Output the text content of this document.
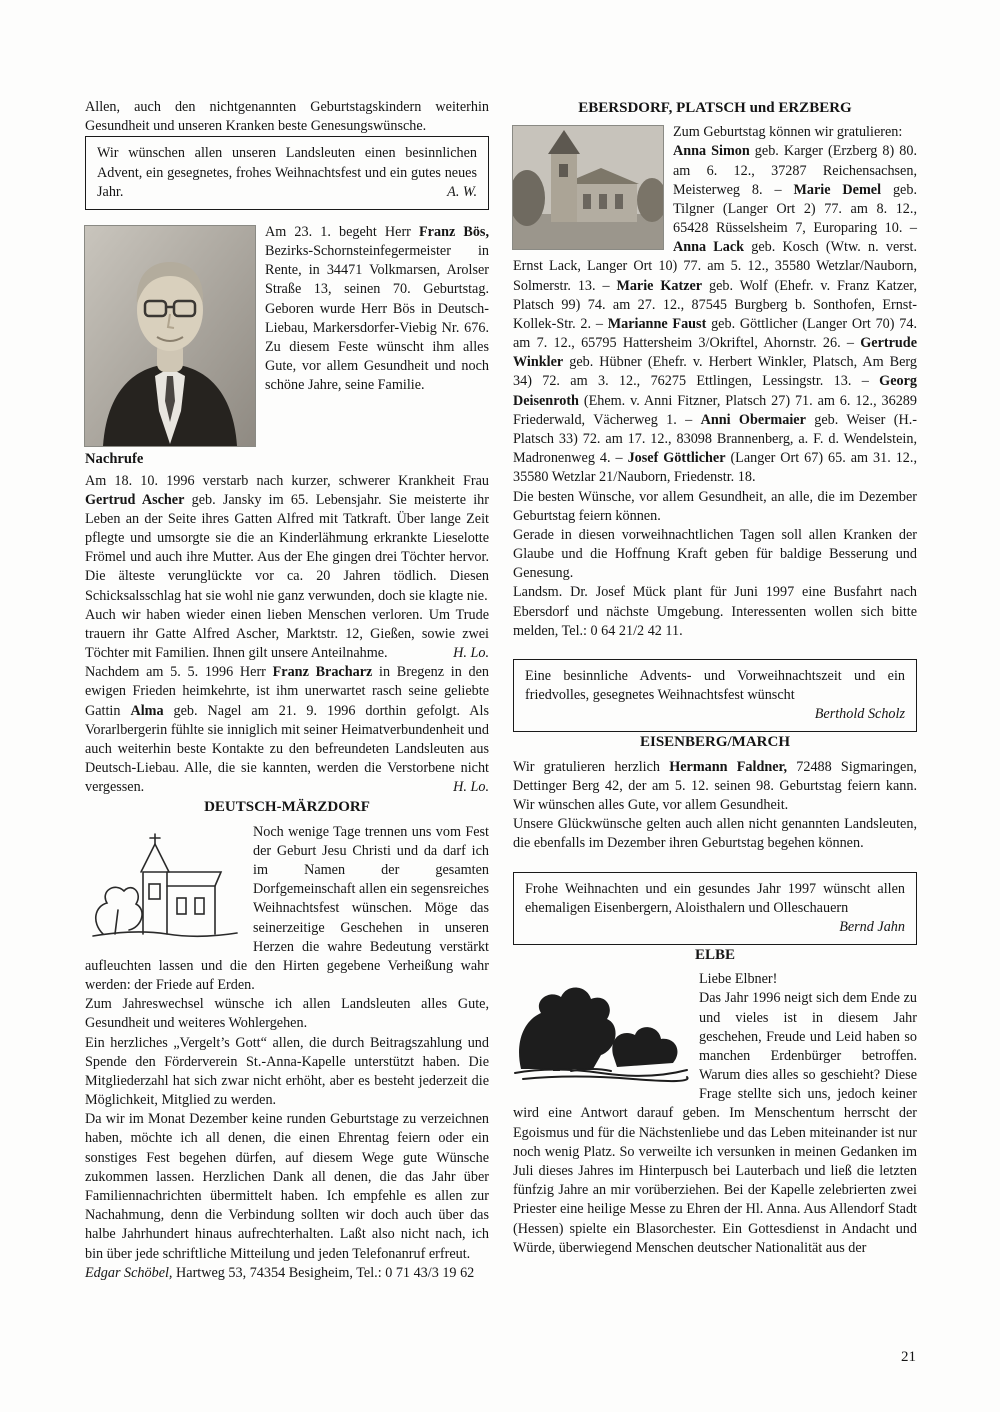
Allen, auch den nichtgenannten Geburtstagskindern weiterhin Gesundheit und unseren Kranken beste Genesungswünsche.

Wir wünschen allen unseren Landsleuten einen besinnlichen Advent, ein gesegnetes, frohes Weihnachtsfest und ein gutes neues Jahr.	A. W.

Am 23. 1. begeht Herr Franz Bös, Bezirks-Schornsteinfegermeister in Rente, in 34471 Volkmarsen, Arolser Straße 13, seinen 70. Geburtstag. Geboren wurde Herr Bös in Deutsch-Liebau, Markersdorfer-Viebig Nr. 676. Zu diesem Feste wünscht ihm alles Gute, vor allem Gesundheit und noch schöne Jahre, seine Familie.

Nachrufe

Am 18. 10. 1996 verstarb nach kurzer, schwerer Krankheit Frau Gertrud Ascher geb. Jansky im 65. Lebensjahr. Sie meisterte ihr Leben an der Seite ihres Gatten Alfred mit Tatkraft. Über lange Zeit pflegte und umsorgte sie die an Kinderlähmung erkrankte Lieselotte Frömel und auch ihre Mutter. Aus der Ehe gingen drei Töchter hervor. Die älteste verunglückte vor ca. 20 Jahren tödlich. Diesen Schicksalsschlag hat sie wohl nie ganz verwunden, doch sie klagte nie.

Auch wir haben wieder einen lieben Menschen verloren. Um Trude trauern ihr Gatte Alfred Ascher, Marktstr. 12, Gießen, sowie zwei Töchter mit Familien. Ihnen gilt unsere Anteilnahme.	H. Lo.

Nachdem am 5. 5. 1996 Herr Franz Bracharz in Bregenz in den ewigen Frieden heimkehrte, ist ihm unerwartet rasch seine geliebte Gattin Alma geb. Nagel am 21. 9. 1996 dorthin gefolgt. Als Vorarlbergerin fühlte sie inniglich mit seiner Heimatverbundenheit und auch weiterhin beste Kontakte zu den befreundeten Landsleuten aus Deutsch-Liebau. Alle, die sie kannten, werden die Verstorbene nicht vergessen.	H. Lo.

DEUTSCH-MÄRZDORF

Noch wenige Tage trennen uns vom Fest der Geburt Jesu Christi und da darf ich im Namen der gesamten Dorfgemeinschaft allen ein segensreiches Weihnachtsfest wünschen. Möge das seinerzeitige Geschehen in unseren Herzen die wahre Bedeutung verstärkt aufleuchten lassen und die den Hirten gegebene Verheißung wahr werden: der Friede auf Erden.

Zum Jahreswechsel wünsche ich allen Landsleuten alles Gute, Gesundheit und weiteres Wohlergehen.

Ein herzliches „Vergelt’s Gott“ allen, die durch Beitragszahlung und Spende den Förderverein St.-Anna-Kapelle unterstützt haben. Die Mitgliederzahl hat sich zwar nicht erhöht, aber es besteht jederzeit die Möglichkeit, Mitglied zu werden.

Da wir im Monat Dezember keine runden Geburtstage zu verzeichnen haben, möchte ich all denen, die einen Ehrentag feiern oder ein sonstiges Fest begehen dürfen, auf diesem Wege gute Wünsche zukommen lassen. Herzlichen Dank all denen, die das Jahr über Familiennachrichten übermittelt haben. Ich empfehle es allen zur Nachahmung, denn die Verbindung sollten wir doch auch über das halbe Jahrhundert hinaus aufrechterhalten. Laßt also nicht nach, ich bin über jede schriftliche Mitteilung und jeden Telefonanruf erfreut.

Edgar Schöbel, Hartweg 53, 74354 Besigheim, Tel.: 0 71 43/3 19 62

EBERSDORF, PLATSCH und ERZBERG

Zum Geburtstag können wir gratulieren:

Anna Simon geb. Karger (Erzberg 8) 80. am 6. 12., 37287 Reichensachsen, Meisterweg 8. – Marie Demel geb. Tilgner (Langer Ort 2) 77. am 8. 12., 65428 Rüsselsheim 7, Europaring 10. – Anna Lack geb. Kosch (Wtw. n. verst. Ernst Lack, Langer Ort 10) 77. am 5. 12., 35580 Wetzlar/Nauborn, Solmerstr. 13. – Marie Katzer geb. Wolf (Ehefr. v. Franz Katzer, Platsch 99) 74. am 27. 12., 87545 Burgberg b. Sonthofen, Ernst-Kollek-Str. 2. – Marianne Faust geb. Göttlicher (Langer Ort 70) 74. am 7. 12., 65795 Hattersheim 3/Okriftel, Ahornstr. 26. – Gertrude Winkler geb. Hübner (Ehefr. v. Herbert Winkler, Platsch, Am Berg 34) 72. am 3. 12., 76275 Ettlingen, Lessingstr. 13. – Georg Deisenroth (Ehem. v. Anni Fitzner, Platsch 27) 71. am 6. 12., 36289 Friederwald, Vächerweg 1. – Anni Obermaier geb. Weiser (H.-Platsch 33) 72. am 17. 12., 83098 Brannenberg, a. F. d. Wendelstein, Madronenweg 4. – Josef Göttlicher (Langer Ort 67) 65. am 31. 12., 35580 Wetzlar 21/Nauborn, Friedenstr. 18.

Die besten Wünsche, vor allem Gesundheit, an alle, die im Dezember Geburtstag feiern können.

Gerade in diesen vorweihnachtlichen Tagen soll allen Kranken der Glaube und die Hoffnung Kraft geben für baldige Besserung und Genesung.

Landsm. Dr. Josef Mück plant für Juni 1997 eine Busfahrt nach Ebersdorf und nächste Umgebung. Interessenten wollen sich bitte melden, Tel.: 0 64 21/2 42 11.

Eine besinnliche Advents- und Vorweihnachtszeit und ein friedvolles, gesegnetes Weihnachtsfest wünscht
Berthold Scholz
EISENBERG/MARCH

Wir gratulieren herzlich Hermann Faldner, 72488 Sigmaringen, Dettinger Berg 42, der am 5. 12. seinen 98. Geburtstag feiern kann. Wir wünschen alles Gute, vor allem Gesundheit.

Unsere Glückwünsche gelten auch allen nicht genannten Landsleuten, die ebenfalls im Dezember ihren Geburtstag begehen können.

Frohe Weihnachten und ein gesundes Jahr 1997 wünscht allen ehemaligen Eisenbergern, Aloisthalern und Olleschauern
Bernd Jahn
ELBE

Liebe Elbner!

Das Jahr 1996 neigt sich dem Ende zu und vieles ist in diesem Jahr geschehen, Freude und Leid haben so manchen Erdenbürger betroffen. Warum dies alles so geschieht? Diese Frage stellte sich uns, jedoch keiner wird eine Antwort darauf geben. Im Menschentum herrscht der Egoismus und für die Nächstenliebe und das Leben miteinander ist nur noch wenig Platz. So verweilte ich versunken in meinen Gedanken im Juli dieses Jahres im Hinterpusch bei Lauterbach und ließ die letzten fünfzig Jahre an mir vorüberziehen. Bei der Kapelle zelebrierten zwei Priester eine heilige Messe zu Ehren der Hl. Anna. Aus Allendorf Stadt (Hessen) spielte ein Blasorchester. Ein Gottesdienst in Andacht und Würde, überwiegend Menschen deutscher Nationalität aus der

21
